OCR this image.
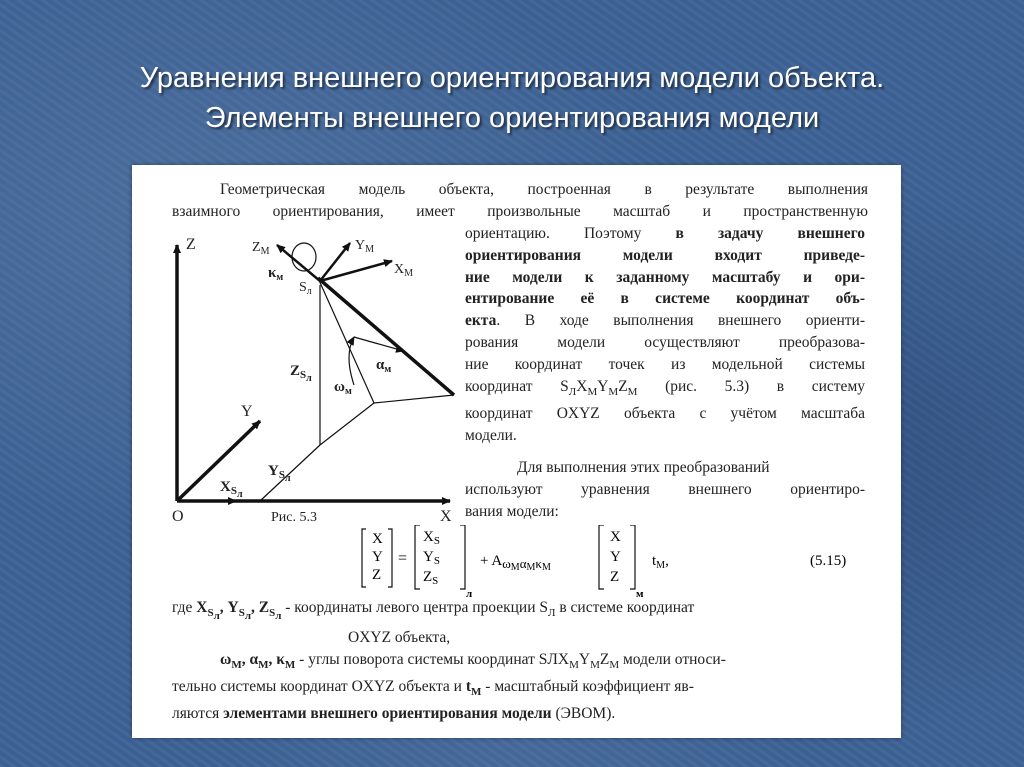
Уравнения внешнего ориентирования модели объекта.
Элементы внешнего ориентирования модели
Геометрическая модель объекта, построенная в результате выполнения
взаимного ориентирования, имеет произвольные масштаб и пространственную
ориентацию. Поэтому в задачу внешнего
ориентирования модели входит приведе-
ние модели к заданному масштабу и ори-
ентирование её в системе координат объ-
екта. В ходе выполнения внешнего ориенти-
рования модели осуществляют преобразова-
ние координат точек из модельной системы
координат $S_ЛX_MY_MZ_M$ (рис. 5.3) в систему
координат OXYZ объекта с учётом масштаба
модели.
Для выполнения этих преобразований
используют уравнения внешнего ориентиро-
вания модели:
Z
Y
X
O	Рис. 5.3
$Z_M$	$Y_M$
$X_M$
$\kappa_м$
$S_л$
$\alpha_м$
$\omega_м$
$Z_{Sл}$
$Y_{Sл}$
$X_{Sл}$
X Y Z
=
$X_S$ $Y_S$ $Z_S$
л
+ AωMαMκM
X Y Z
м
$t_M$,	(5.15)
где $X_{S_л}$, $Y_{S_л}$, $Z_{S_л}$ - координаты левого центра проекции $S_Л$ в системе координат
OXYZ объекта,
$\omega_М$, $\alpha_М$, $\kappa_М$ - углы поворота системы координат $SЛX_MY_MZ_M$ модели относи-
тельно системы координат OXYZ объекта и $t_M$ - масштабный коэффициент яв-
ляются элементами внешнего ориентирования модели (ЭВОМ).
